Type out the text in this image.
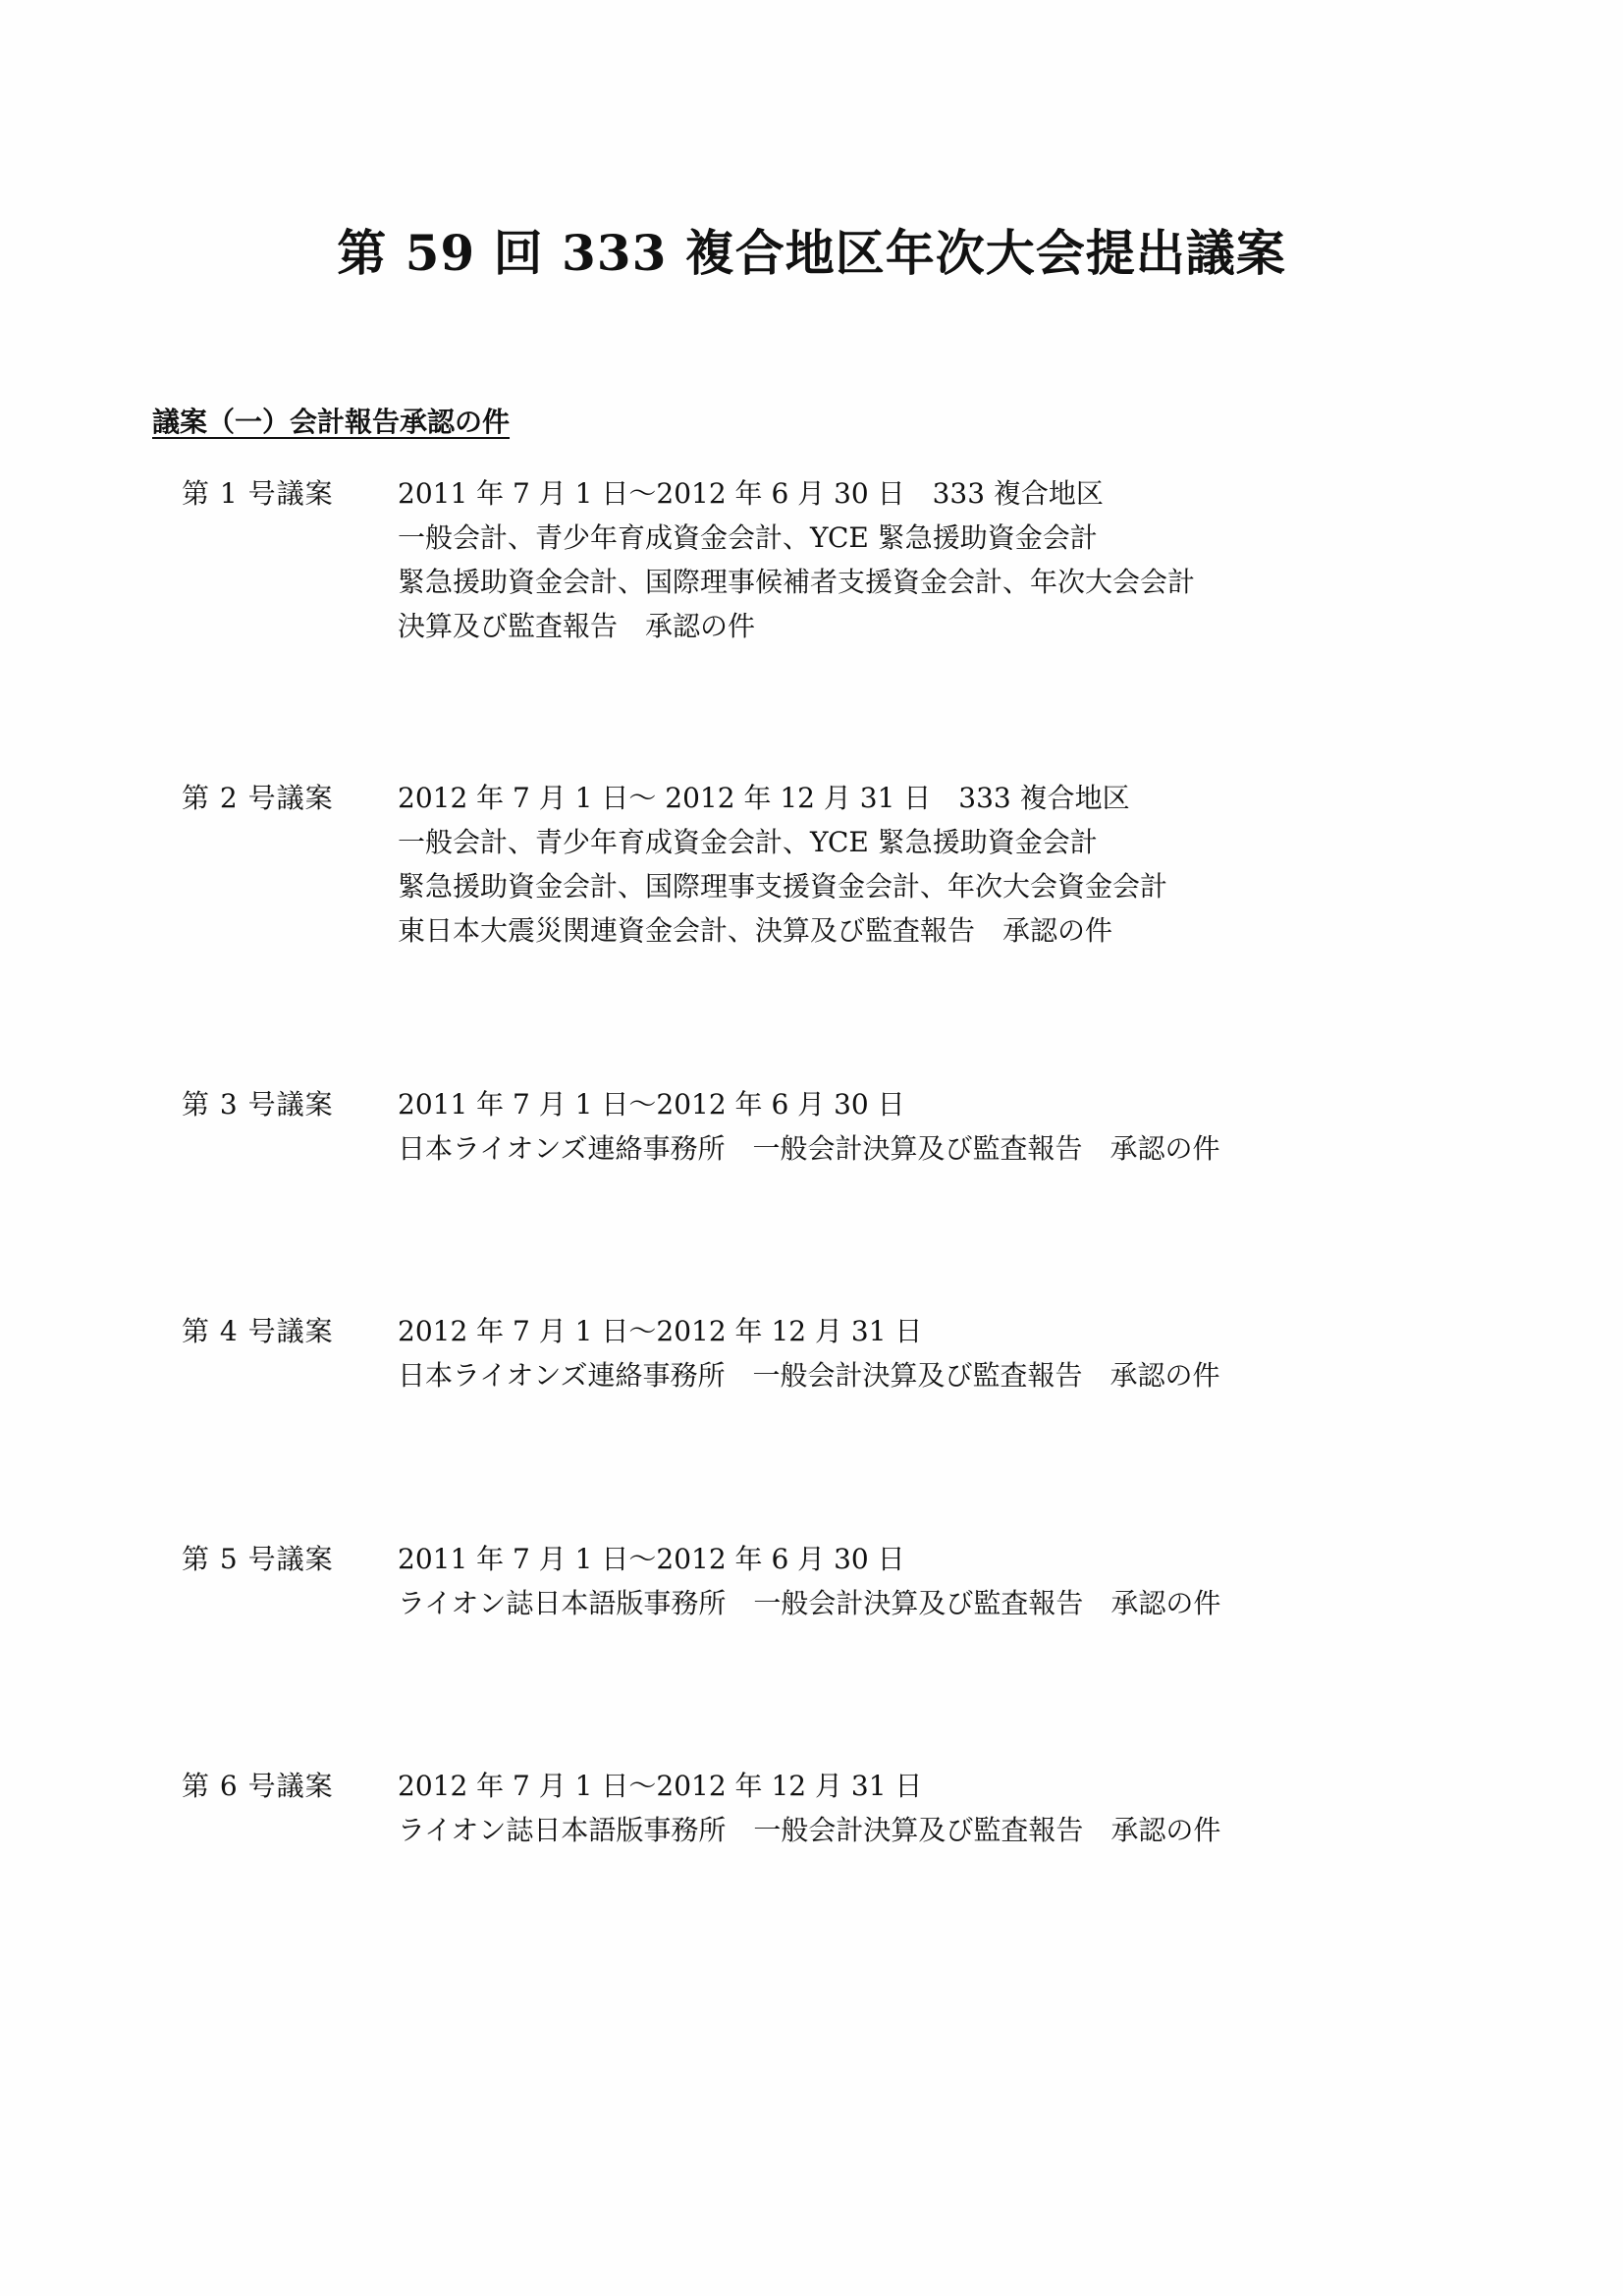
第 59 回 333 複合地区年次大会提出議案
議案（一）会計報告承認の件
第 1 号議案	2011 年 7 月 1 日～2012 年 6 月 30 日　333 複合地区
一般会計、青少年育成資金会計、YCE 緊急援助資金会計
緊急援助資金会計、国際理事候補者支援資金会計、年次大会会計
決算及び監査報告　承認の件
第 2 号議案	2012 年 7 月 1 日～ 2012 年 12 月 31 日　333 複合地区
一般会計、青少年育成資金会計、YCE 緊急援助資金会計
緊急援助資金会計、国際理事支援資金会計、年次大会資金会計
東日本大震災関連資金会計、決算及び監査報告　承認の件
第 3 号議案	2011 年 7 月 1 日～2012 年 6 月 30 日
日本ライオンズ連絡事務所　一般会計決算及び監査報告　承認の件
第 4 号議案	2012 年 7 月 1 日～2012 年 12 月 31 日
日本ライオンズ連絡事務所　一般会計決算及び監査報告　承認の件
第 5 号議案	2011 年 7 月 1 日～2012 年 6 月 30 日
ライオン誌日本語版事務所　一般会計決算及び監査報告　承認の件
第 6 号議案	2012 年 7 月 1 日～2012 年 12 月 31 日
ライオン誌日本語版事務所　一般会計決算及び監査報告　承認の件
